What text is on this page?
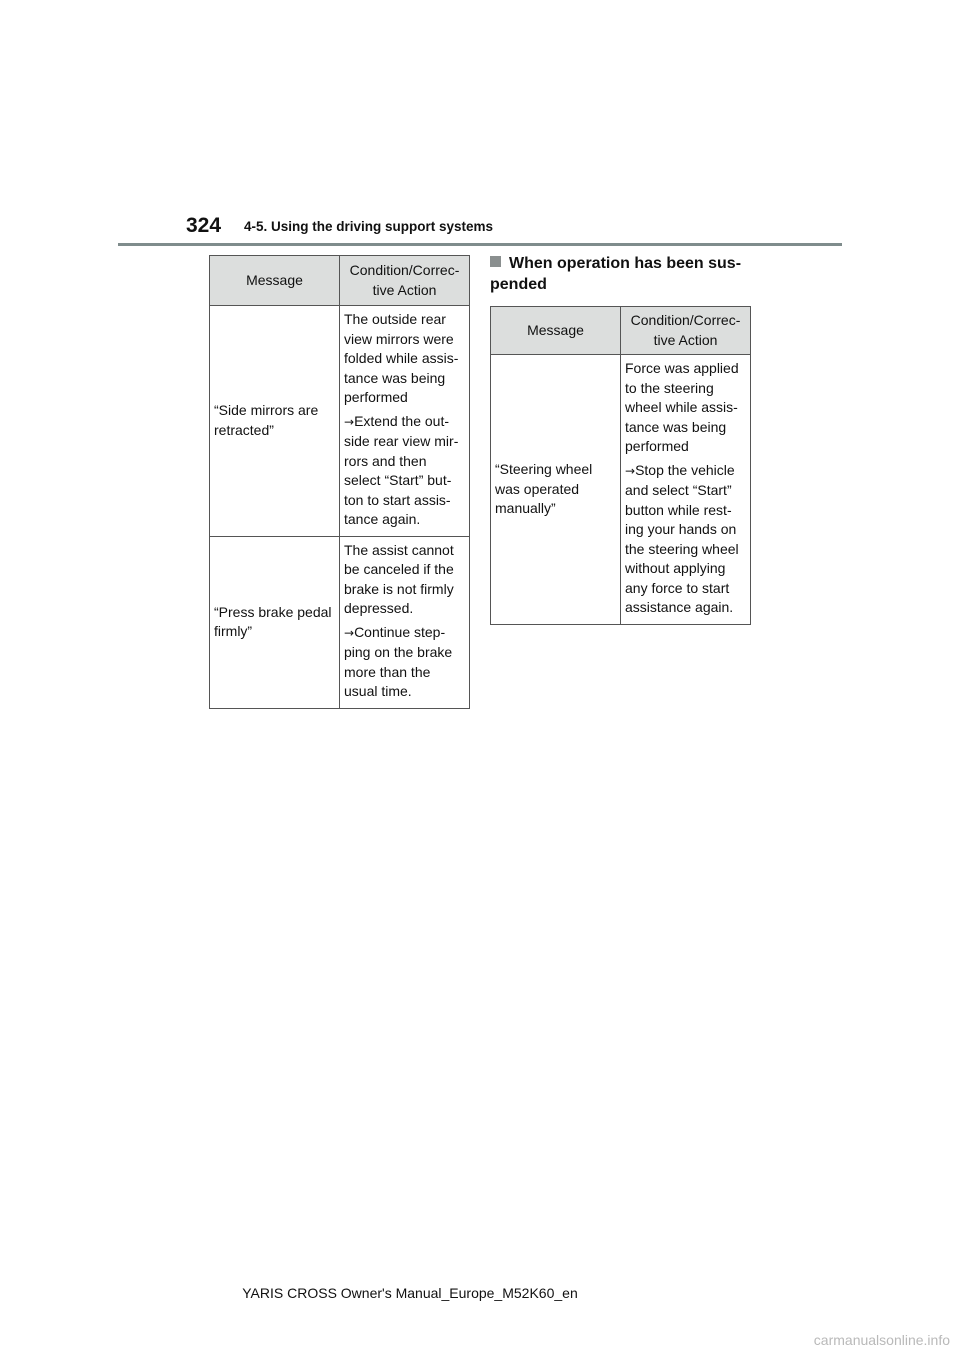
324 4-5. Using the driving support systems
Message	Condition/Correc-
tive Action
“Side mirrors are retracted”	The outside rear view mirrors were folded while assis-tance was being performed

→Extend the out-side rear view mir-rors and then select “Start” but-ton to start assis-tance again.

“Press brake pedal firmly”	The assist cannot be canceled if the brake is not firmly depressed.

→Continue step-ping on the brake more than the usual time.

When operation has been sus-pended
Message	Condition/Correc-
tive Action
“Steering wheel was operated manually”	Force was applied to the steering wheel while assis-tance was being performed

→Stop the vehicle and select “Start” button while rest-ing your hands on the steering wheel without applying any force to start assistance again.

YARIS CROSS Owner's Manual_Europe_M52K60_en
carmanualsonline.info
